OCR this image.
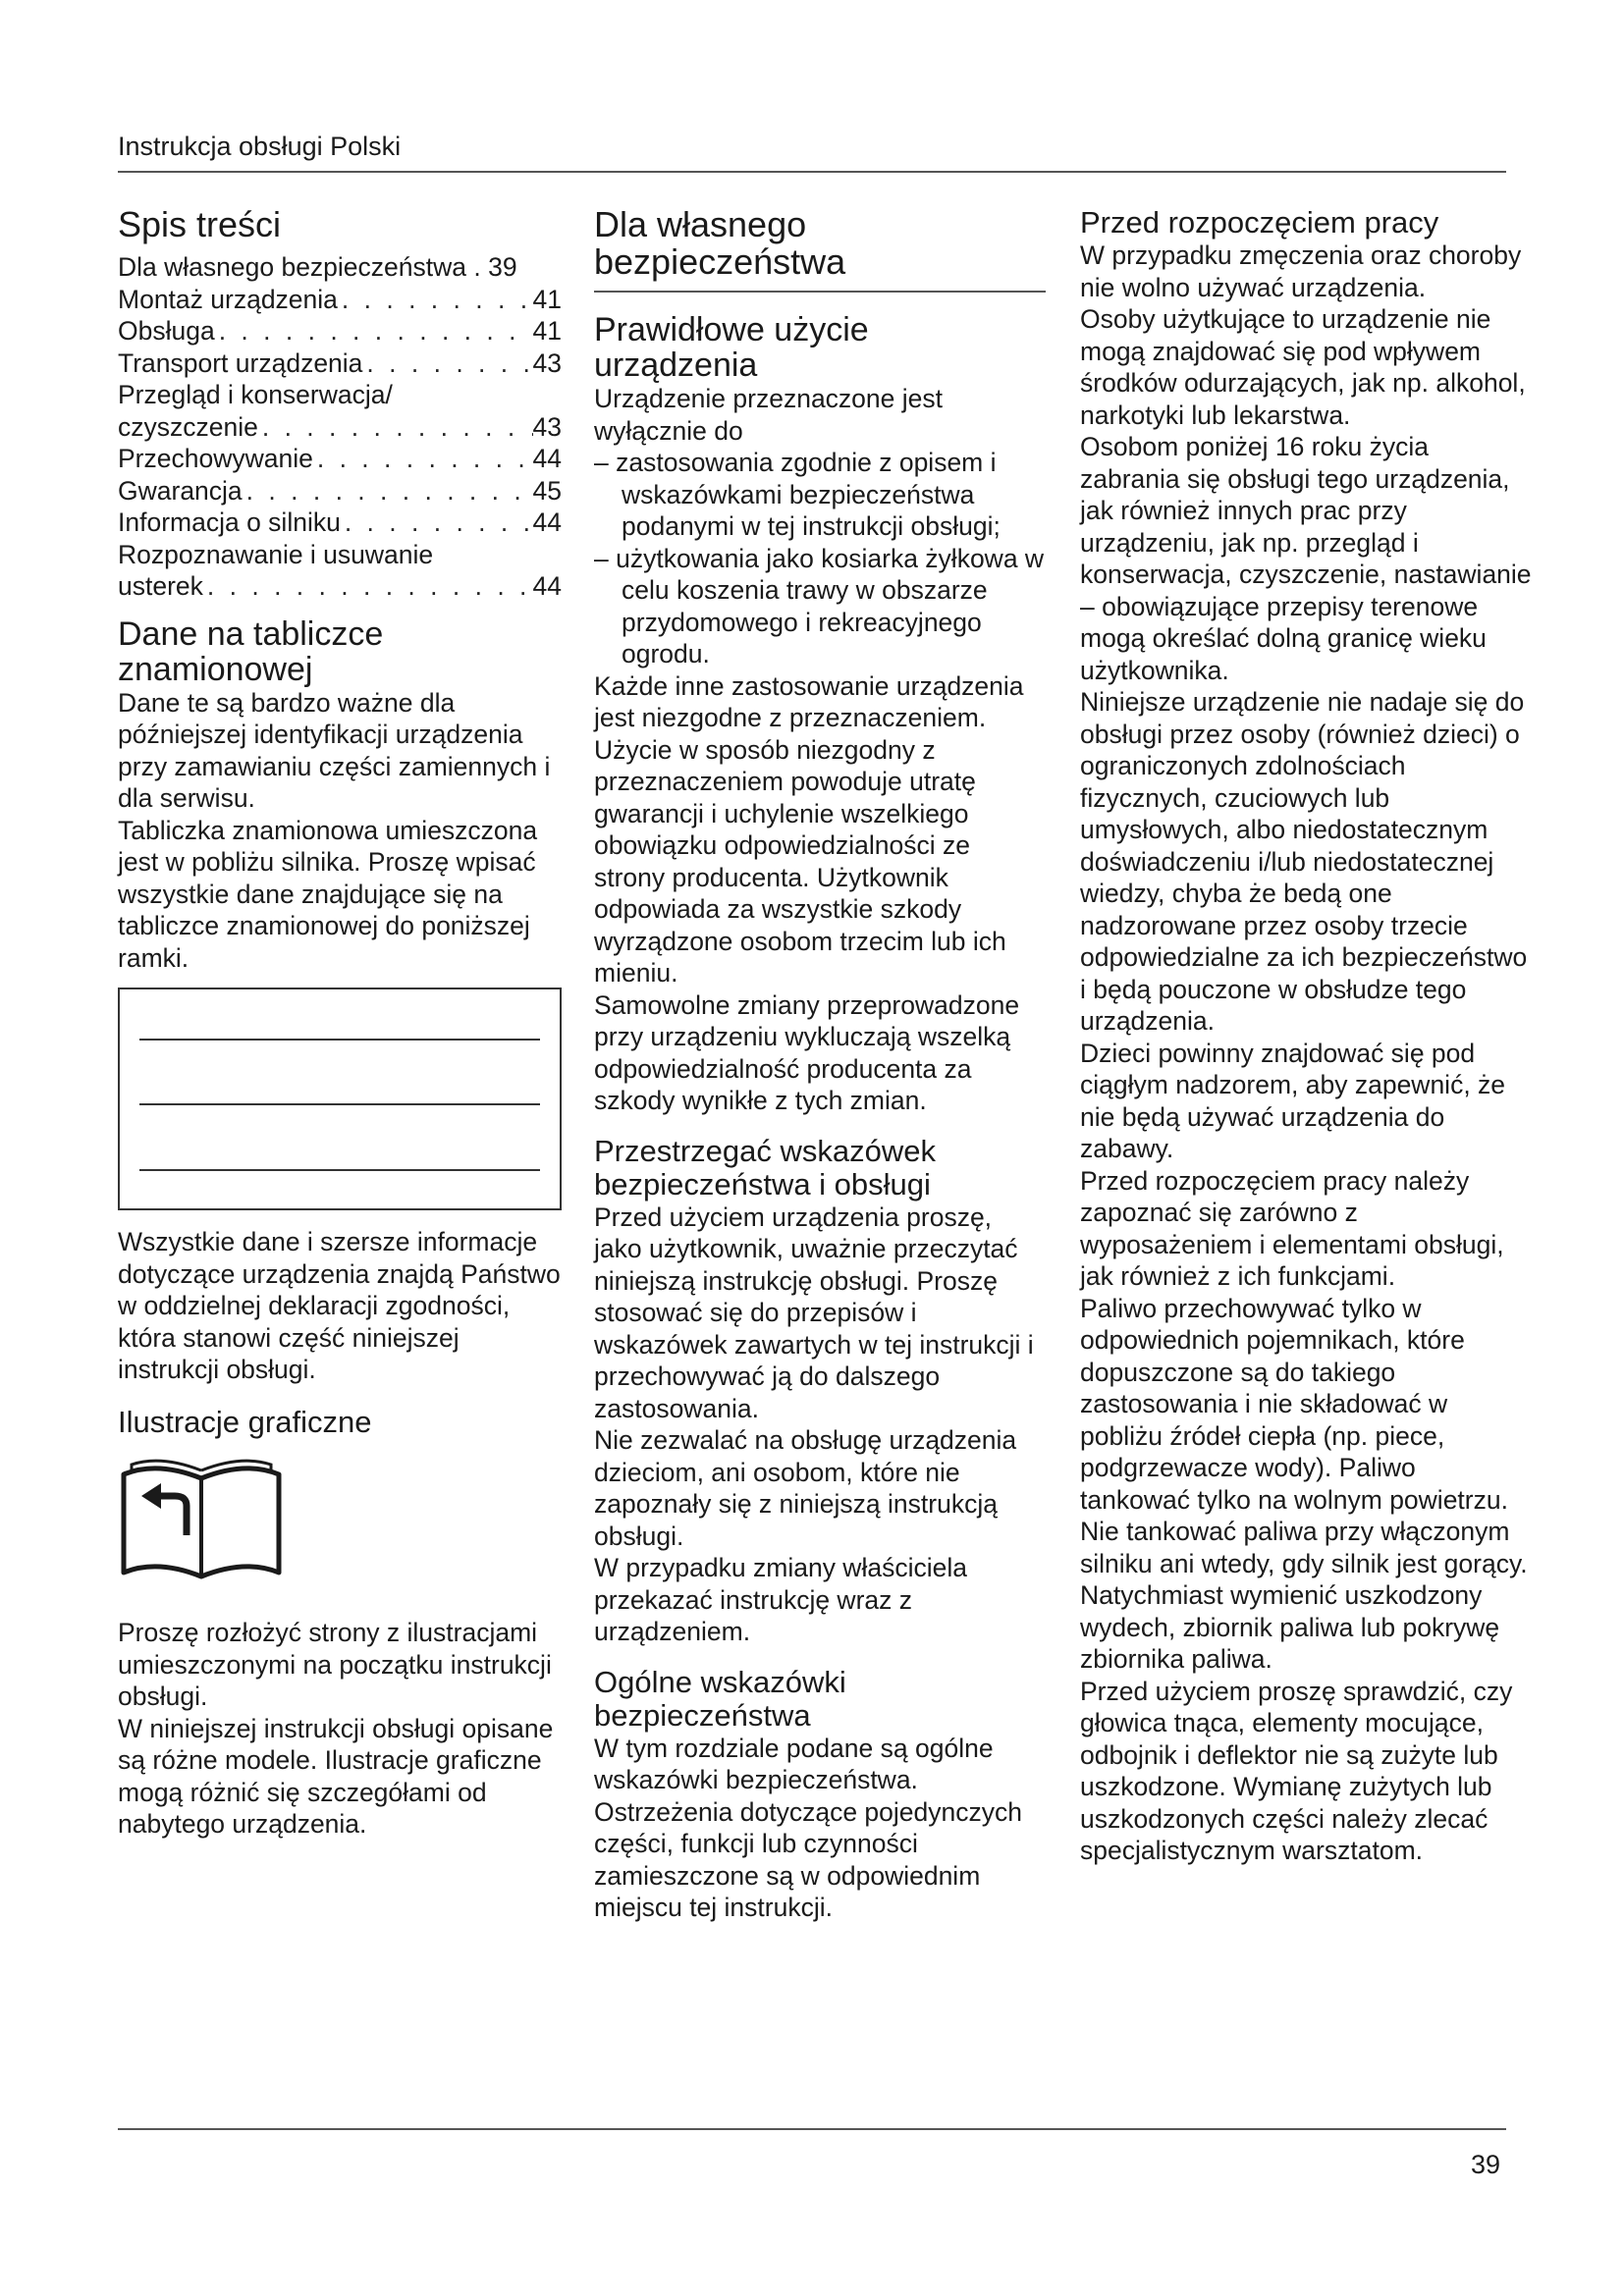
Instrukcja obsługi Polski
Spis treści
Dla własnego bezpieczeństwa . 39
Montaż urządzenia . . .	41
Obsługa . . .	41
Transport urządzenia . . .	43
Przegląd i konserwacja/
czyszczenie . . .	43
Przechowywanie . . .	44
Gwarancja . . .	45
Informacja o silniku . . .	44
Rozpoznawanie i usuwanie
usterek . . .	44
Dane na tabliczce znamionowej

Dane te są bardzo ważne dla późniejszej identyfikacji urządzenia przy zamawianiu części zamiennych i dla serwisu.

Tabliczka znamionowa umieszczona jest w pobliżu silnika. Proszę wpisać wszystkie dane znajdujące się na tabliczce znamionowej do poniższej ramki.

Wszystkie dane i szersze informacje dotyczące urządzenia znajdą Państwo w oddzielnej deklaracji zgodności, która stanowi część niniejszej instrukcji obsługi.

Ilustracje graficzne

Proszę rozłożyć strony z ilustracjami umieszczonymi na początku instrukcji obsługi.

W niniejszej instrukcji obsługi opisane są różne modele. Ilustracje graficzne mogą różnić się szczegółami od nabytego urządzenia.

Dla własnego bezpieczeństwa
Prawidłowe użycie urządzenia

Urządzenie przeznaczone jest wyłącznie do

– zastosowania zgodnie z opisem i wskazówkami bezpieczeństwa podanymi w tej instrukcji obsługi;

– użytkowania jako kosiarka żyłkowa w celu koszenia trawy w obszarze przydomowego i rekreacyjnego ogrodu.

Każde inne zastosowanie urządzenia jest niezgodne z przeznaczeniem.

Użycie w sposób niezgodny z przeznaczeniem powoduje utratę gwarancji i uchylenie wszelkiego obowiązku odpowiedzialności ze strony producenta. Użytkownik odpowiada za wszystkie szkody wyrządzone osobom trzecim lub ich mieniu.

Samowolne zmiany przeprowadzone przy urządzeniu wykluczają wszelką odpowiedzialność producenta za szkody wynikłe z tych zmian.

Przestrzegać wskazówek bezpieczeństwa i obsługi

Przed użyciem urządzenia proszę, jako użytkownik, uważnie przeczytać niniejszą instrukcję obsługi. Proszę stosować się do przepisów i wskazówek zawartych w tej instrukcji i przechowywać ją do dalszego zastosowania.

Nie zezwalać na obsługę urządzenia dzieciom, ani osobom, które nie zapoznały się z niniejszą instrukcją obsługi.

W przypadku zmiany właściciela przekazać instrukcję wraz z urządzeniem.

Ogólne wskazówki bezpieczeństwa

W tym rozdziale podane są ogólne wskazówki bezpieczeństwa.

Ostrzeżenia dotyczące pojedynczych części, funkcji lub czynności zamieszczone są w odpowiednim miejscu tej instrukcji.

Przed rozpoczęciem pracy

W przypadku zmęczenia oraz choroby nie wolno używać urządzenia.

Osoby użytkujące to urządzenie nie mogą znajdować się pod wpływem środków odurzających, jak np. alkohol, narkotyki lub lekarstwa.

Osobom poniżej 16 roku życia zabrania się obsługi tego urządzenia, jak również innych prac przy urządzeniu, jak np. przegląd i konserwacja, czyszczenie, nastawianie – obowiązujące przepisy terenowe mogą określać dolną granicę wieku użytkownika.

Niniejsze urządzenie nie nadaje się do obsługi przez osoby (również dzieci) o ograniczonych zdolnościach fizycznych, czuciowych lub umysłowych, albo niedostatecznym doświadczeniu i/lub niedostatecznej wiedzy, chyba że bedą one nadzorowane przez osoby trzecie odpowiedzialne za ich bezpieczeństwo i będą pouczone w obsłudze tego urządzenia.

Dzieci powinny znajdować się pod ciągłym nadzorem, aby zapewnić, że nie będą używać urządzenia do zabawy.

Przed rozpoczęciem pracy należy zapoznać się zarówno z wyposażeniem i elementami obsługi, jak również z ich funkcjami.

Paliwo przechowywać tylko w odpowiednich pojemnikach, które dopuszczone są do takiego zastosowania i nie składować w pobliżu źródeł ciepła (np. piece, podgrzewacze wody). Paliwo tankować tylko na wolnym powietrzu. Nie tankować paliwa przy włączonym silniku ani wtedy, gdy silnik jest gorący.

Natychmiast wymienić uszkodzony wydech, zbiornik paliwa lub pokrywę zbiornika paliwa.

Przed użyciem proszę sprawdzić, czy głowica tnąca, elementy mocujące, odbojnik i deflektor nie są zużyte lub uszkodzone. Wymianę zużytych lub uszkodzonych części należy zlecać specjalistycznym warsztatom.

39
